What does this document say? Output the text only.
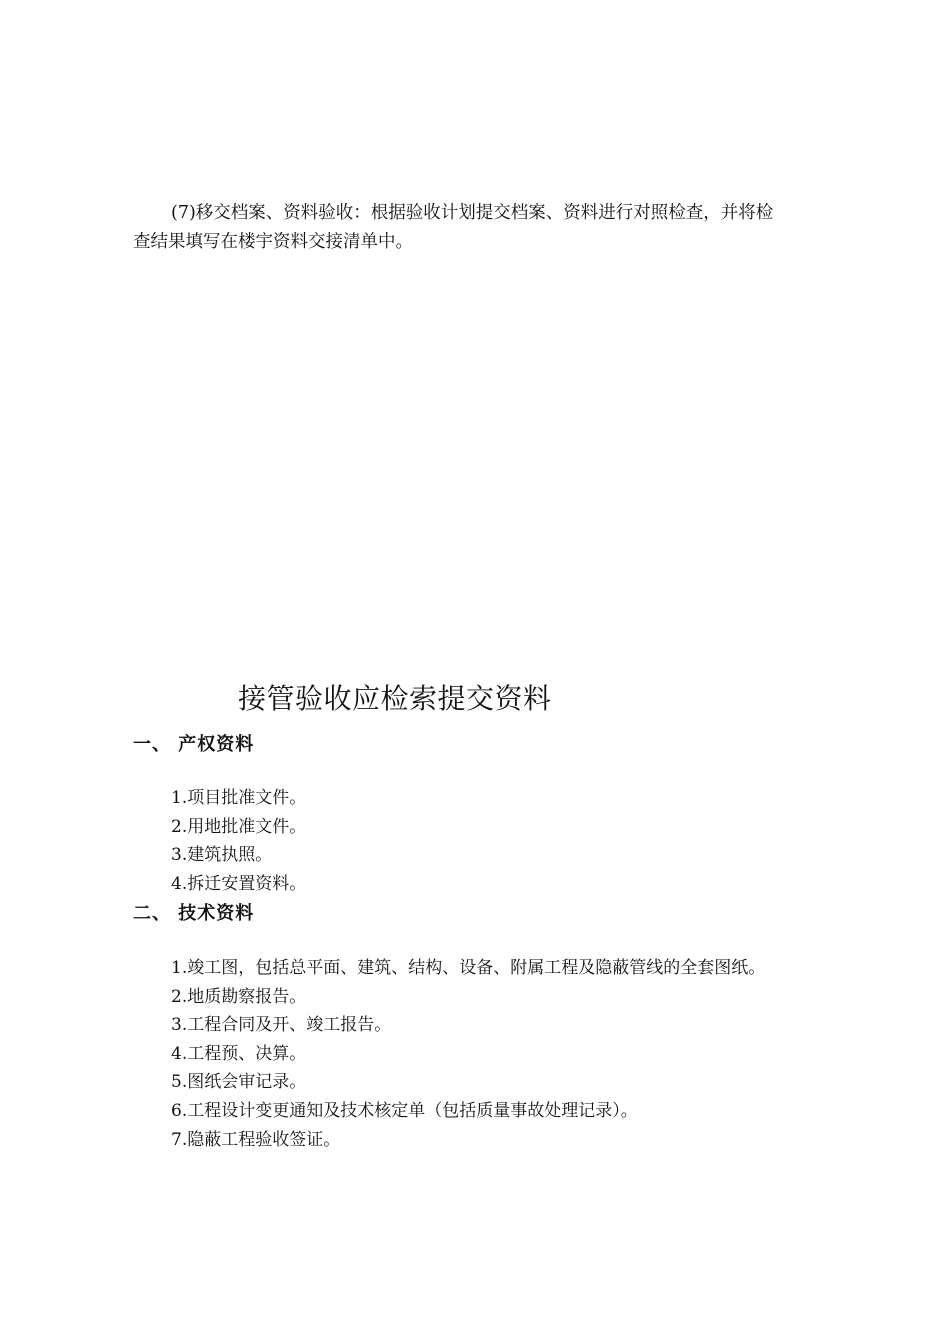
(7)移交档案、资料验收：根据验收计划提交档案、资料进行对照检查，并将检
查结果填写在楼宇资料交接清单中。
接管验收应检索提交资料
一、 产权资料
1.项目批准文件。
2.用地批准文件。
3.建筑执照。
4.拆迁安置资料。
二、 技术资料
1.竣工图，包括总平面、建筑、结构、设备、附属工程及隐蔽管线的全套图纸。
2.地质勘察报告。
3.工程合同及开、竣工报告。
4.工程预、决算。
5.图纸会审记录。
6.工程设计变更通知及技术核定单（包括质量事故处理记录）。
7.隐蔽工程验收签证。
